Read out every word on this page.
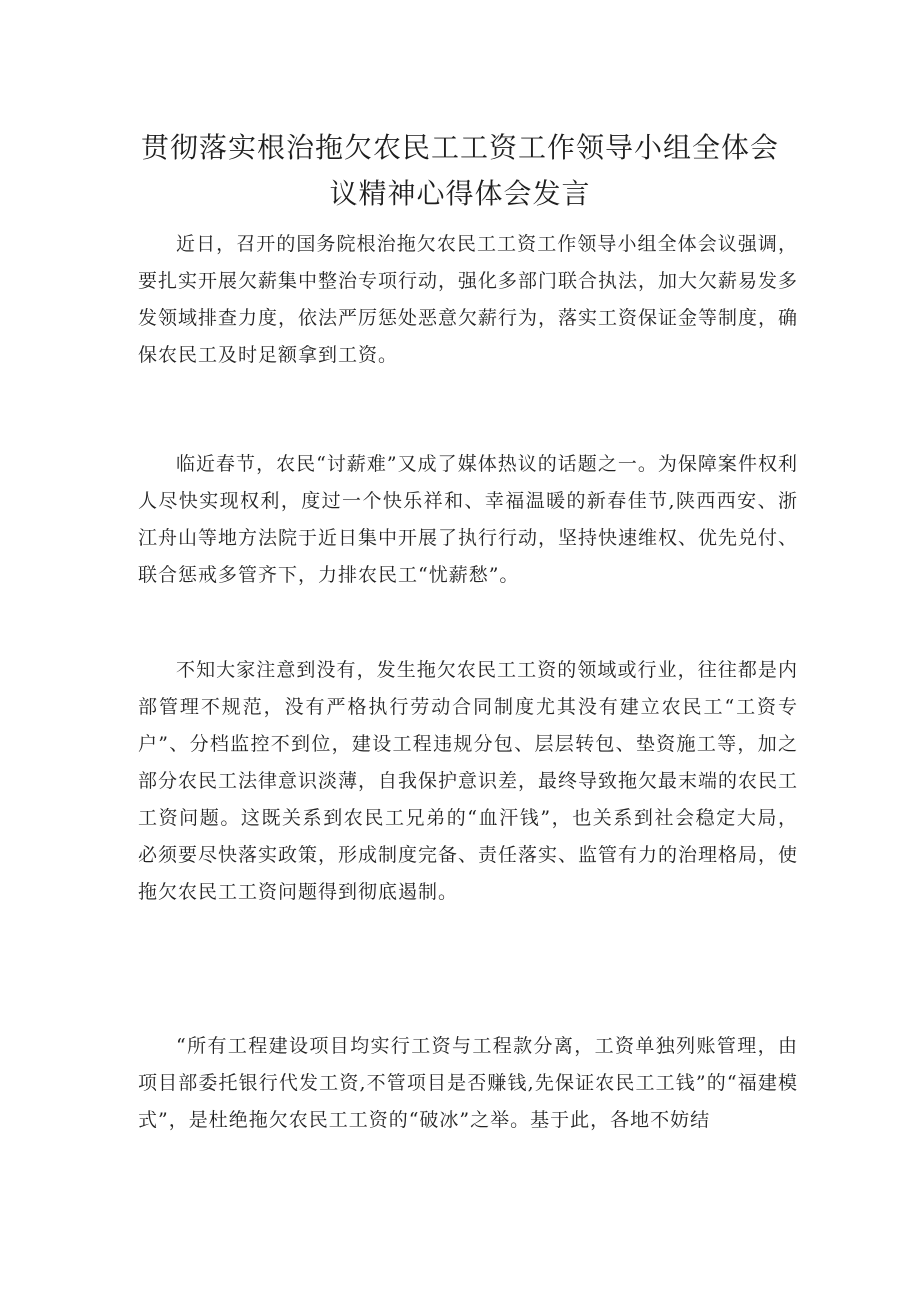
贯彻落实根治拖欠农民工工资工作领导小组全体会
议精神心得体会发言

近日，召开的国务院根治拖欠农民工工资工作领导小组全体会议强调，要扎实开展欠薪集中整治专项行动，强化多部门联合执法，加大欠薪易发多发领域排查力度，依法严厉惩处恶意欠薪行为，落实工资保证金等制度，确保农民工及时足额拿到工资。

临近春节，农民“讨薪难”又成了媒体热议的话题之一。为保障案件权利人尽快实现权利，度过一个快乐祥和、幸福温暖的新春佳节,陕西西安、浙江舟山等地方法院于近日集中开展了执行行动，坚持快速维权、优先兑付、联合惩戒多管齐下，力排农民工“忧薪愁”。

不知大家注意到没有，发生拖欠农民工工资的领域或行业，往往都是内部管理不规范，没有严格执行劳动合同制度尤其没有建立农民工“工资专户”、分档监控不到位，建设工程违规分包、层层转包、垫资施工等，加之部分农民工法律意识淡薄，自我保护意识差，最终导致拖欠最末端的农民工工资问题。这既关系到农民工兄弟的“血汗钱”，也关系到社会稳定大局，必须要尽快落实政策，形成制度完备、责任落实、监管有力的治理格局，使拖欠农民工工资问题得到彻底遏制。

“所有工程建设项目均实行工资与工程款分离，工资单独列账管理，由项目部委托银行代发工资,不管项目是否赚钱,先保证农民工工钱”的“福建模式”，是杜绝拖欠农民工工资的“破冰”之举。基于此，各地不妨结
